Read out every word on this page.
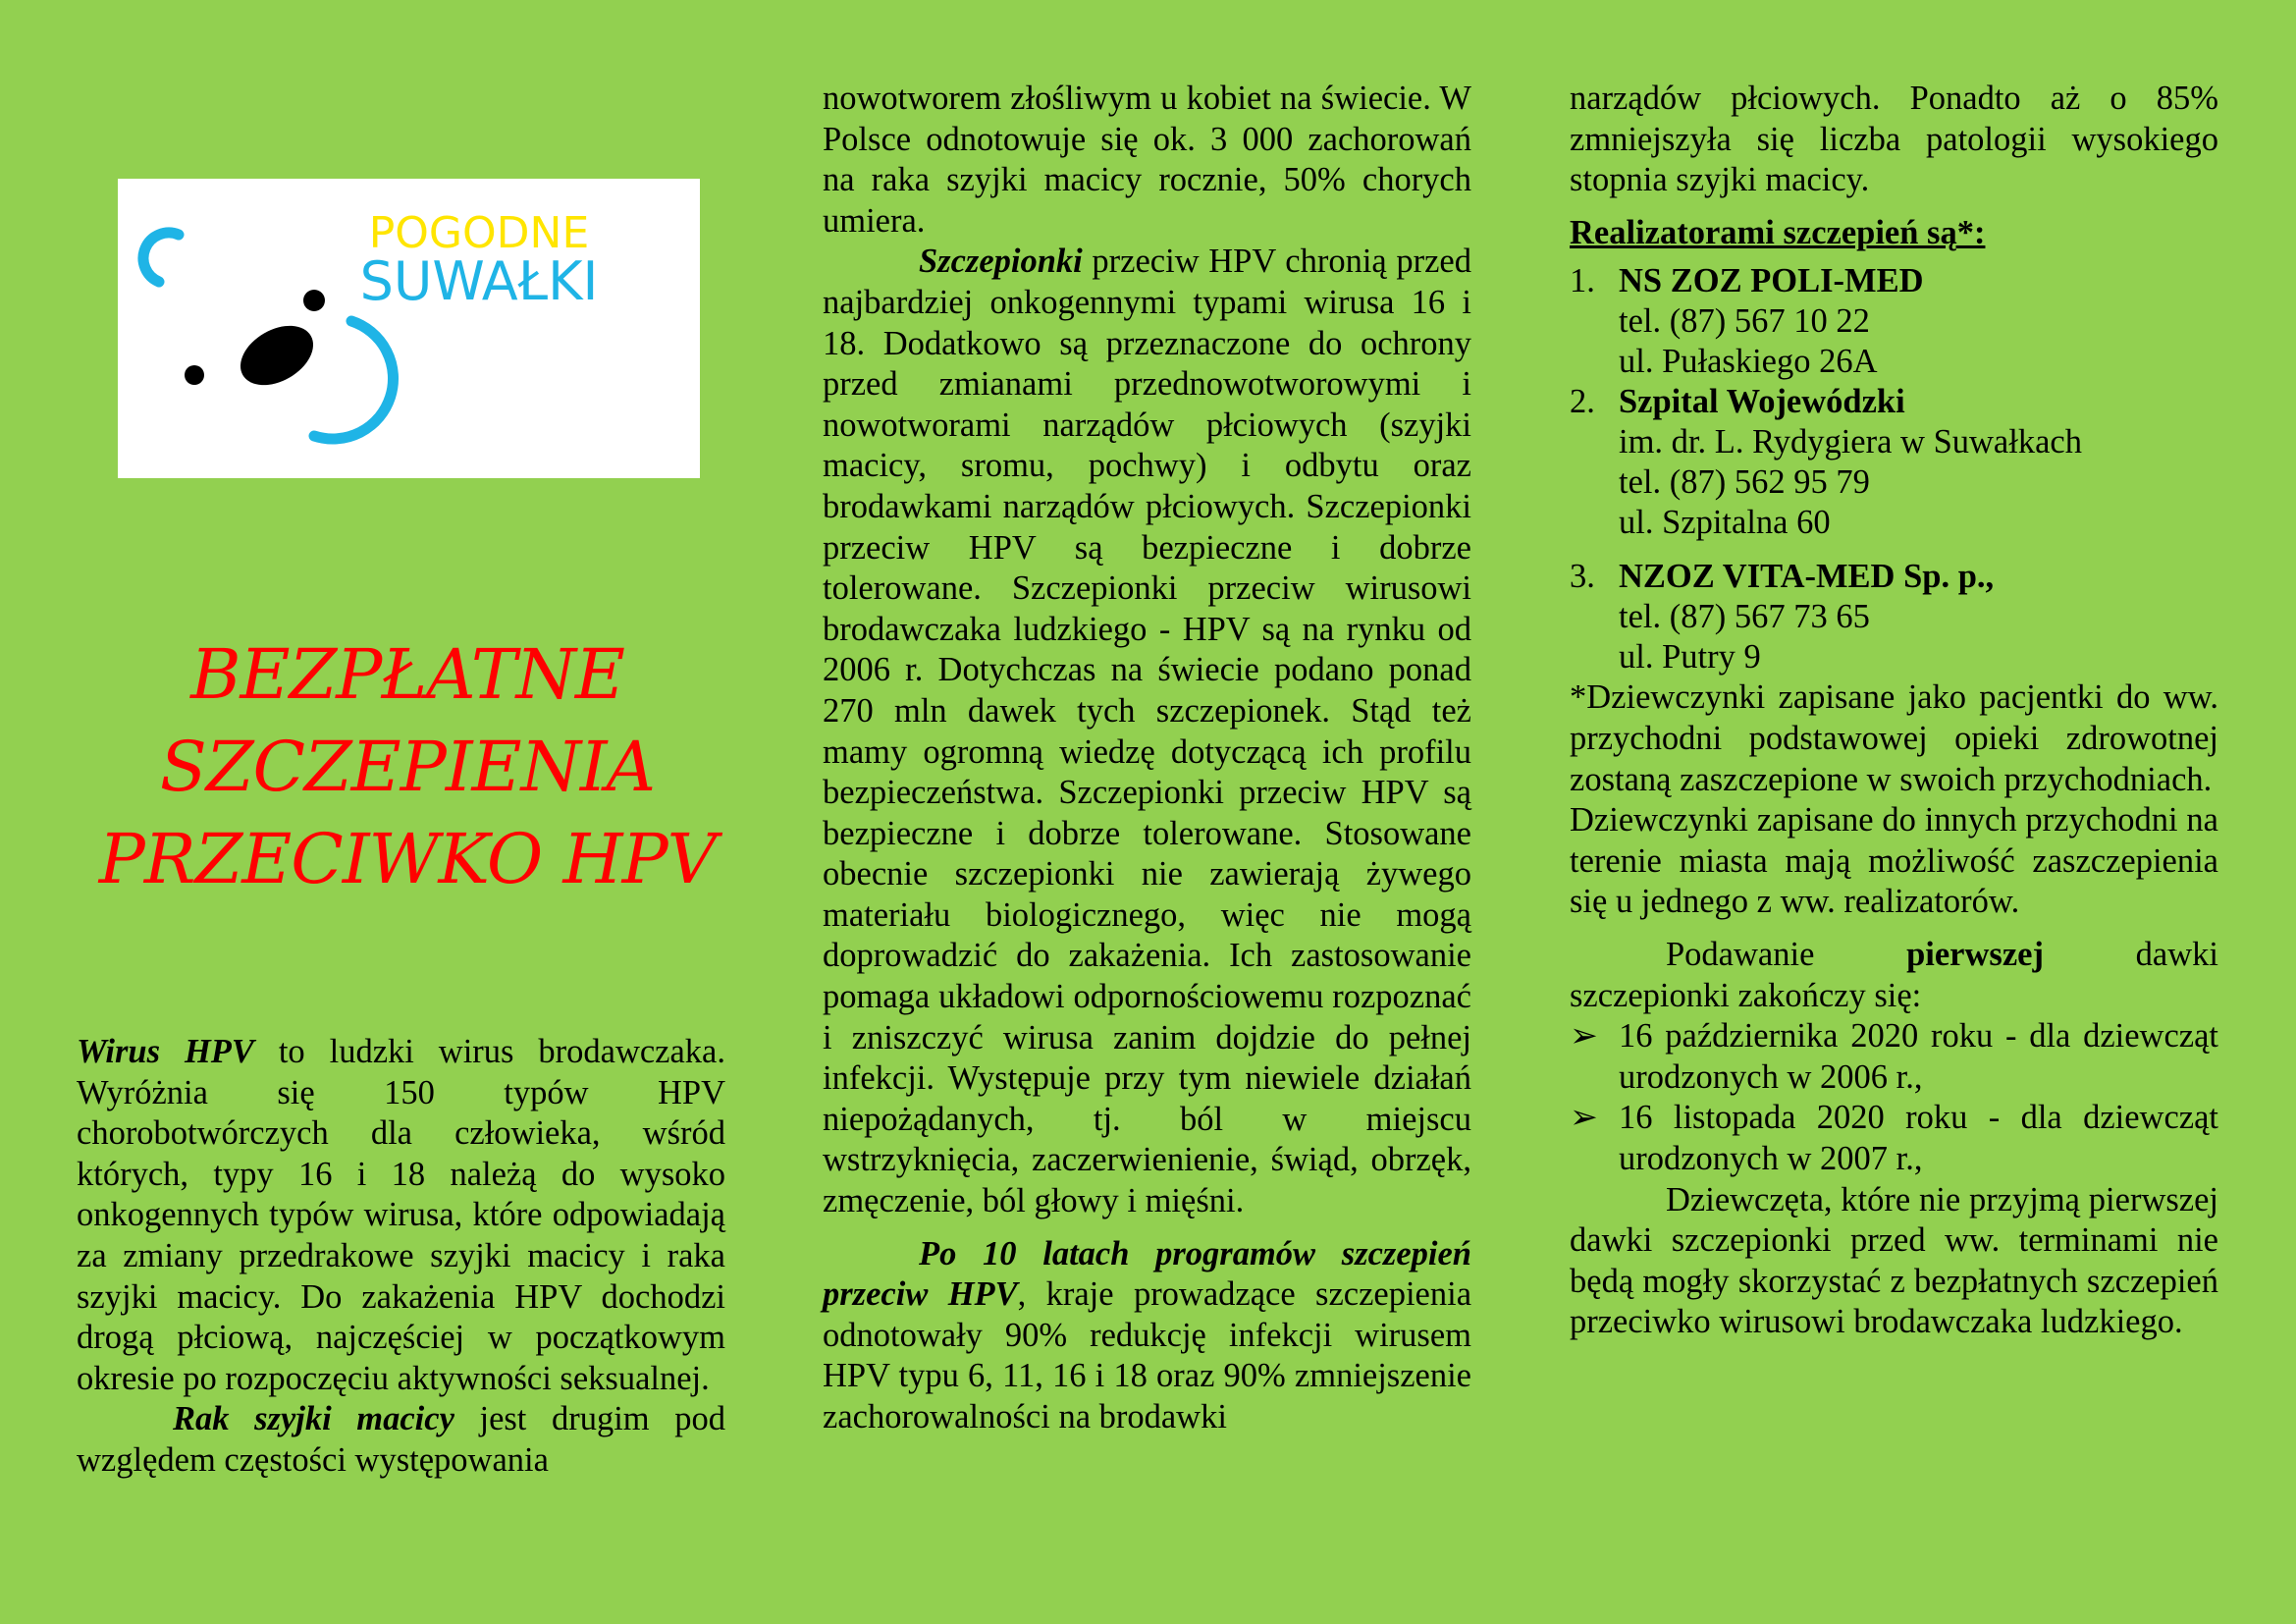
POGODNE
SUWAŁKI
BEZPŁATNE
SZCZEPIENIA
PRZECIWKO HPV

Wirus HPV to ludzki wirus brodawczaka. Wyróżnia się 150 typów HPV chorobotwórczych dla człowieka, wśród których, typy 16 i 18 należą do wysoko onkogennych typów wirusa, które odpowiadają za zmiany przedrakowe szyjki macicy i raka szyjki macicy. Do zakażenia HPV dochodzi drogą płciową, najczęściej w początkowym okresie po rozpoczęciu aktywności seksualnej.

Rak szyjki macicy jest drugim pod względem częstości występowania

nowotworem złośliwym u kobiet na świecie. W Polsce odnotowuje się ok. 3 000 zachorowań na raka szyjki macicy rocznie, 50% chorych umiera.

Szczepionki przeciw HPV chronią przed najbardziej onkogennymi typami wirusa 16 i 18. Dodatkowo są przeznaczone do ochrony przed zmianami przednowotworowymi i nowotworami narządów płciowych (szyjki macicy, sromu, pochwy) i odbytu oraz brodawkami narządów płciowych. Szczepionki przeciw HPV są bezpieczne i dobrze tolerowane. Szczepionki przeciw wirusowi brodawczaka ludzkiego - HPV są na rynku od 2006 r. Dotychczas na świecie podano ponad 270 mln dawek tych szczepionek. Stąd też mamy ogromną wiedzę dotyczącą ich profilu bezpieczeństwa. Szczepionki przeciw HPV są bezpieczne i dobrze tolerowane. Stosowane obecnie szczepionki nie zawierają żywego materiału biologicznego, więc nie mogą doprowadzić do zakażenia. Ich zastosowanie pomaga układowi odpornościowemu rozpoznać i zniszczyć wirusa zanim dojdzie do pełnej infekcji. Występuje przy tym niewiele działań niepożądanych, tj. ból w miejscu wstrzyknięcia, zaczerwienienie, świąd, obrzęk, zmęczenie, ból głowy i mięśni.

Po 10 latach programów szczepień przeciw HPV, kraje prowadzące szczepienia odnotowały 90% redukcję infekcji wirusem HPV typu 6, 11, 16 i 18 oraz 90% zmniejszenie zachorowalności na brodawki

narządów płciowych. Ponadto aż o 85% zmniejszyła się liczba patologii wysokiego stopnia szyjki macicy.

Realizatorami szczepień są*:

1. NS ZOZ POLI-MED

tel. (87) 567 10 22

ul. Pułaskiego 26A

2. Szpital Wojewódzki

im. dr. L. Rydygiera w Suwałkach

tel. (87) 562 95 79

ul. Szpitalna 60

3. NZOZ VITA-MED Sp. p.,

tel. (87) 567 73 65

ul. Putry 9

*Dziewczynki zapisane jako pacjentki do ww. przychodni podstawowej opieki zdrowotnej zostaną zaszczepione w swoich przychodniach.

Dziewczynki zapisane do innych przychodni na terenie miasta mają możliwość zaszczepienia się u jednego z ww. realizatorów.

Podawanie pierwszej dawki szczepionki zakończy się:

➢ 16 października 2020 roku - dla dziewcząt urodzonych w 2006 r.,
➢ 16 listopada 2020 roku - dla dziewcząt urodzonych w 2007 r.,

Dziewczęta, które nie przyjmą pierwszej dawki szczepionki przed ww. terminami nie będą mogły skorzystać z bezpłatnych szczepień przeciwko wirusowi brodawczaka ludzkiego.
